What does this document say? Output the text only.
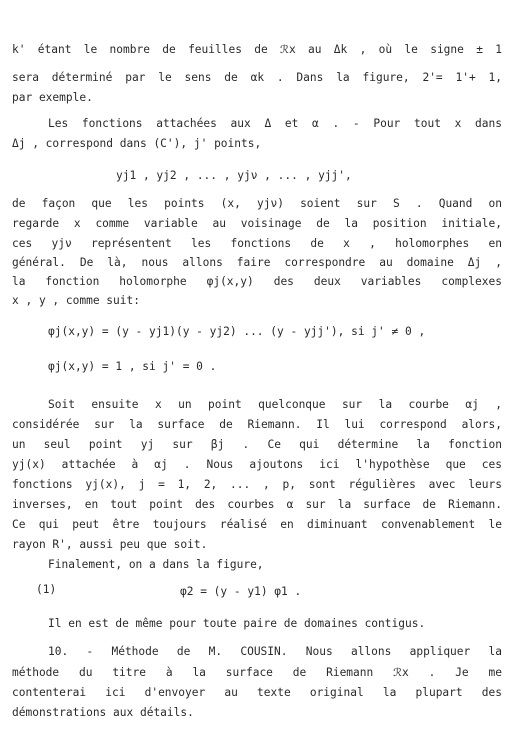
k' étant le nombre de feuilles de ℛx au Δk , où le signe ± 1
sera déterminé par le sens de αk . Dans la figure, 2'= 1'+ 1,
par exemple.
Les fonctions attachées aux Δ et α . - Pour tout x dans
Δj , correspond dans (C'), j' points,
yj1 , yj2 , ... , yjν , ... , yjj',
de façon que les points (x, yjν) soient sur S . Quand on
regarde x comme variable au voisinage de la position initiale,
ces yjν représentent les fonctions de x , holomorphes en
général. De là, nous allons faire correspondre au domaine Δj ,
la fonction holomorphe φj(x,y) des deux variables complexes
x , y , comme suit:
φj(x,y) = (y - yj1)(y - yj2) ... (y - yjj'), si j' ≠ 0 ,
φj(x,y) = 1 , si j' = 0 .
Soit ensuite x un point quelconque sur la courbe αj ,
considérée sur la surface de Riemann. Il lui correspond alors,
un seul point yj sur βj . Ce qui détermine la fonction
yj(x) attachée à αj . Nous ajoutons ici l'hypothèse que ces
fonctions yj(x), j = 1, 2, ... , p, sont régulières avec leurs
inverses, en tout point des courbes α sur la surface de Riemann.
Ce qui peut être toujours réalisé en diminuant convenablement le
rayon R', aussi peu que soit.
Finalement, on a dans la figure,
(1)	φ2 = (y - y1) φ1 .
Il en est de même pour toute paire de domaines contigus.
10. - Méthode de M. COUSIN. Nous allons appliquer la
méthode du titre à la surface de Riemann ℛx . Je me
contenterai ici d'envoyer au texte original la plupart des
démonstrations aux détails.
